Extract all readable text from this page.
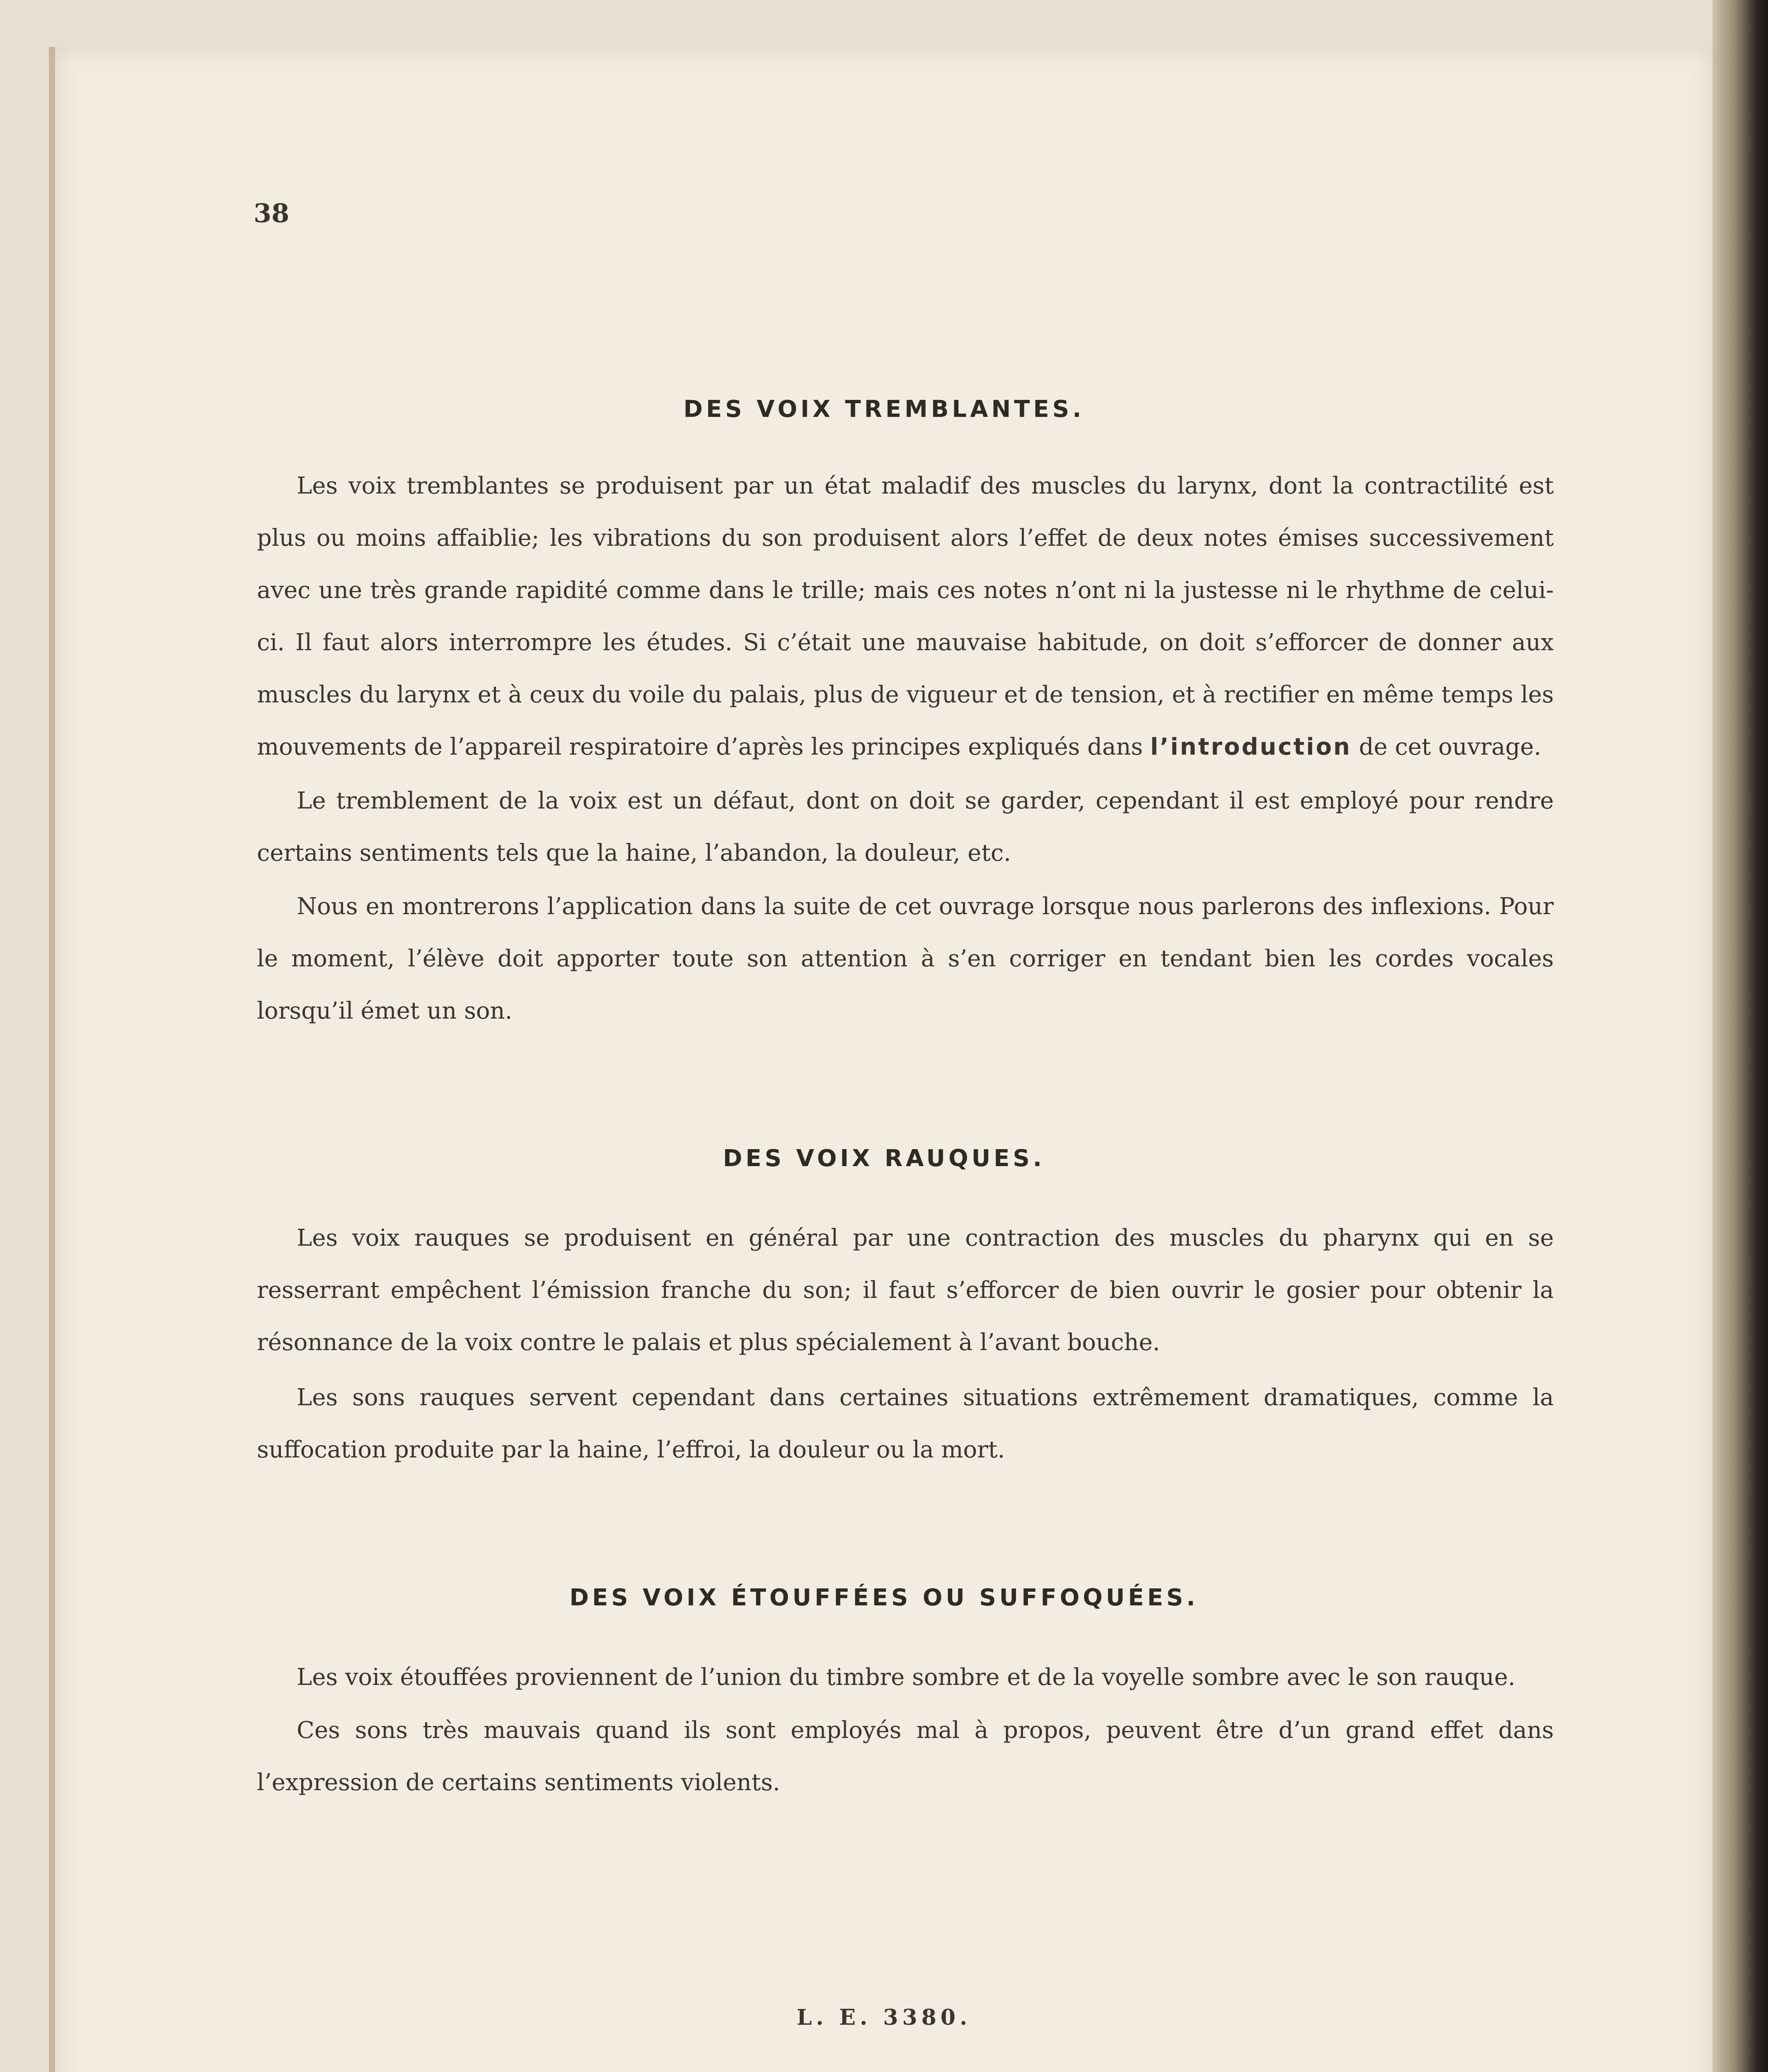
38
DES VOIX TREMBLANTES.

Les voix tremblantes se produisent par un état maladif des muscles du larynx, dont la contractilité est plus ou moins affaiblie; les vibrations du son produisent alors l’effet de deux notes émises successivement avec une très grande rapidité comme dans le trille; mais ces notes n’ont ni la justesse ni le rhythme de celui-ci. Il faut alors interrompre les études. Si c’était une mauvaise habitude, on doit s’efforcer de donner aux muscles du larynx et à ceux du voile du palais, plus de vigueur et de tension, et à rectifier en même temps les mouvements de l’appareil respiratoire d’après les principes expliqués dans l’introduction de cet ouvrage.

Le tremblement de la voix est un défaut, dont on doit se garder, cependant il est employé pour rendre certains sentiments tels que la haine, l’abandon, la douleur, etc.

Nous en montrerons l’application dans la suite de cet ouvrage lorsque nous parlerons des inflexions. Pour le moment, l’élève doit apporter toute son attention à s’en corriger en tendant bien les cordes vocales lorsqu’il émet un son.

DES VOIX RAUQUES.

Les voix rauques se produisent en général par une contraction des muscles du pharynx qui en se resserrant empêchent l’émission franche du son; il faut s’efforcer de bien ouvrir le gosier pour obtenir la résonnance de la voix contre le palais et plus spécialement à l’avant bouche.

Les sons rauques servent cependant dans certaines situations extrêmement dramatiques, comme la suffocation produite par la haine, l’effroi, la douleur ou la mort.

DES VOIX ÉTOUFFÉES OU SUFFOQUÉES.

Les voix étouffées proviennent de l’union du timbre sombre et de la voyelle sombre avec le son rauque.

Ces sons très mauvais quand ils sont employés mal à propos, peuvent être d’un grand effet dans l’expression de certains sentiments violents.

L. E. 3380.
